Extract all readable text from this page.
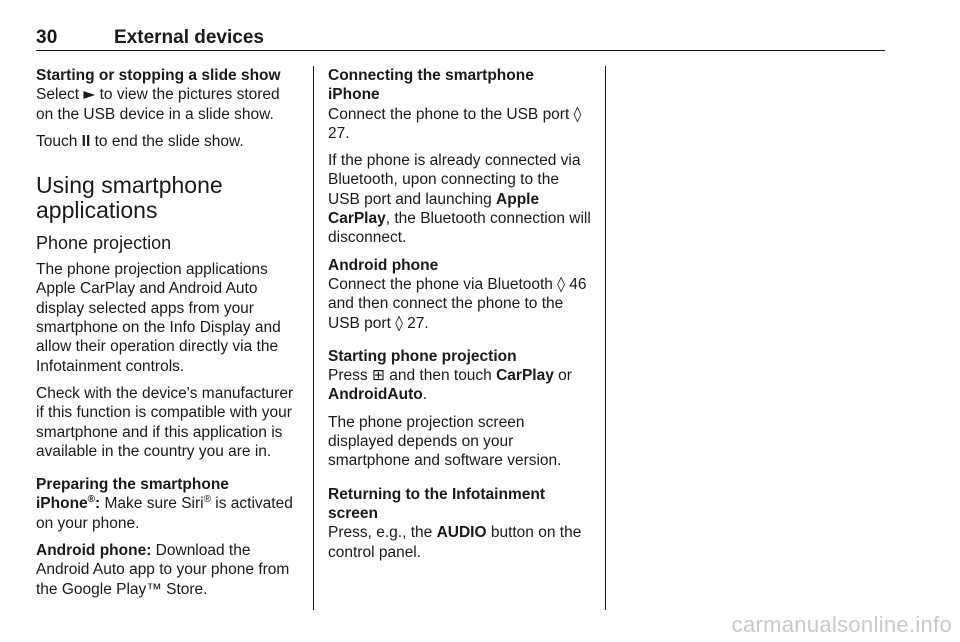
30	External devices
Starting or stopping a slide show

Select ► to view the pictures stored on the USB device in a slide show.

Touch II to end the slide show.

Using smartphone applications
Phone projection

The phone projection applications Apple CarPlay and Android Auto display selected apps from your smartphone on the Info Display and allow their operation directly via the Infotainment controls.

Check with the device's manufacturer if this function is compatible with your smartphone and if this application is available in the country you are in.

Preparing the smartphone

iPhone®: Make sure Siri® is activated on your phone.

Android phone: Download the Android Auto app to your phone from the Google Play™ Store.

Connecting the smartphone
iPhone

Connect the phone to the USB port ◊ 27.

If the phone is already connected via Bluetooth, upon connecting to the USB port and launching Apple CarPlay, the Bluetooth connection will disconnect.

Android phone

Connect the phone via Bluetooth ◊ 46 and then connect the phone to the USB port ◊ 27.

Starting phone projection

Press ⊞ and then touch CarPlay or AndroidAuto.

The phone projection screen displayed depends on your smartphone and software version.

Returning to the Infotainment screen

Press, e.g., the AUDIO button on the control panel.

carmanualsonline.info
